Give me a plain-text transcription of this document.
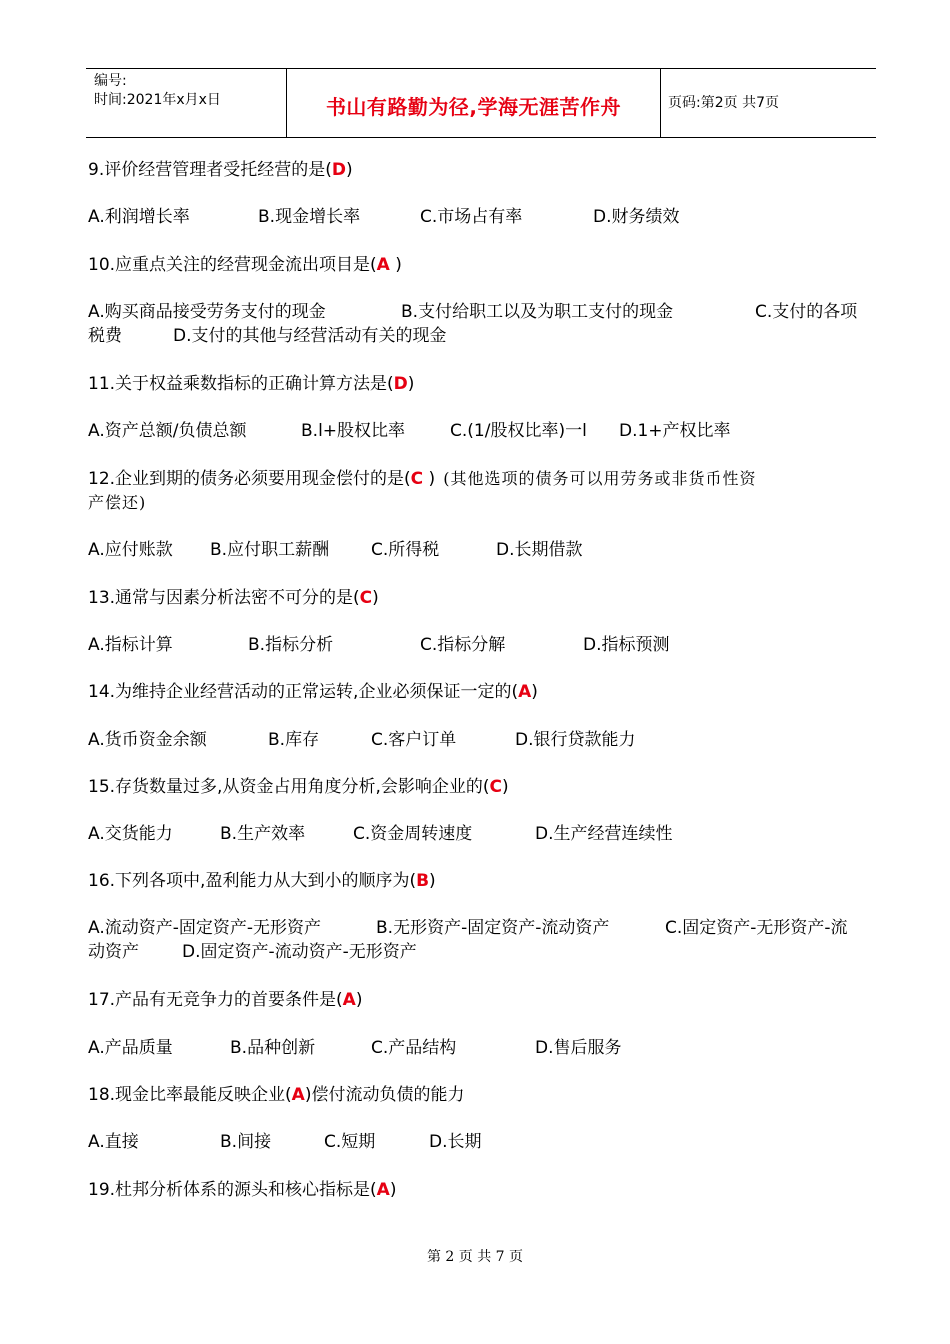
编号:
时间:2021年x月x日	书山有路勤为径,学海无涯苦作舟	页码:第2页 共7页

9.评价经营管理者受托经营的是(D)

A.利润增长率	B.现金增长率	C.市场占有率	D.财务绩效

10.应重点关注的经营现金流出项目是(A )

A.购买商品接受劳务支付的现金	B.支付给职工以及为职工支付的现金	C.支付的各项
税费	D.支付的其他与经营活动有关的现金

11.关于权益乘数指标的正确计算方法是(D)

A.资产总额/负债总额	B.l+股权比率	C.(1/股权比率)一l D.1+产权比率

12.企业到期的债务必须要用现金偿付的是(C ) (其他选项的债务可以用劳务或非货币性资
产偿还)

A.应付账款 B.应付职工薪酬 C.所得税	D.长期借款

13.通常与因素分析法密不可分的是(C)

A.指标计算	B.指标分析	C.指标分解	D.指标预测

14.为维持企业经营活动的正常运转,企业必须保证一定的(A)

A.货币资金余额	B.库存	C.客户订单	D.银行贷款能力

15.存货数量过多,从资金占用角度分析,会影响企业的(C)

A.交货能力	B.生产效率	C.资金周转速度	D.生产经营连续性

16.下列各项中,盈利能力从大到小的顺序为(B)

A.流动资产-固定资产-无形资产	B.无形资产-固定资产-流动资产	C.固定资产-无形资产-流
动资产	D.固定资产-流动资产-无形资产

17.产品有无竞争力的首要条件是(A)

A.产品质量	B.品种创新	C.产品结构	D.售后服务

18.现金比率最能反映企业(A)偿付流动负债的能力

A.直接	B.间接	C.短期	D.长期

19.杜邦分析体系的源头和核心指标是(A)

第 2 页 共 7 页
